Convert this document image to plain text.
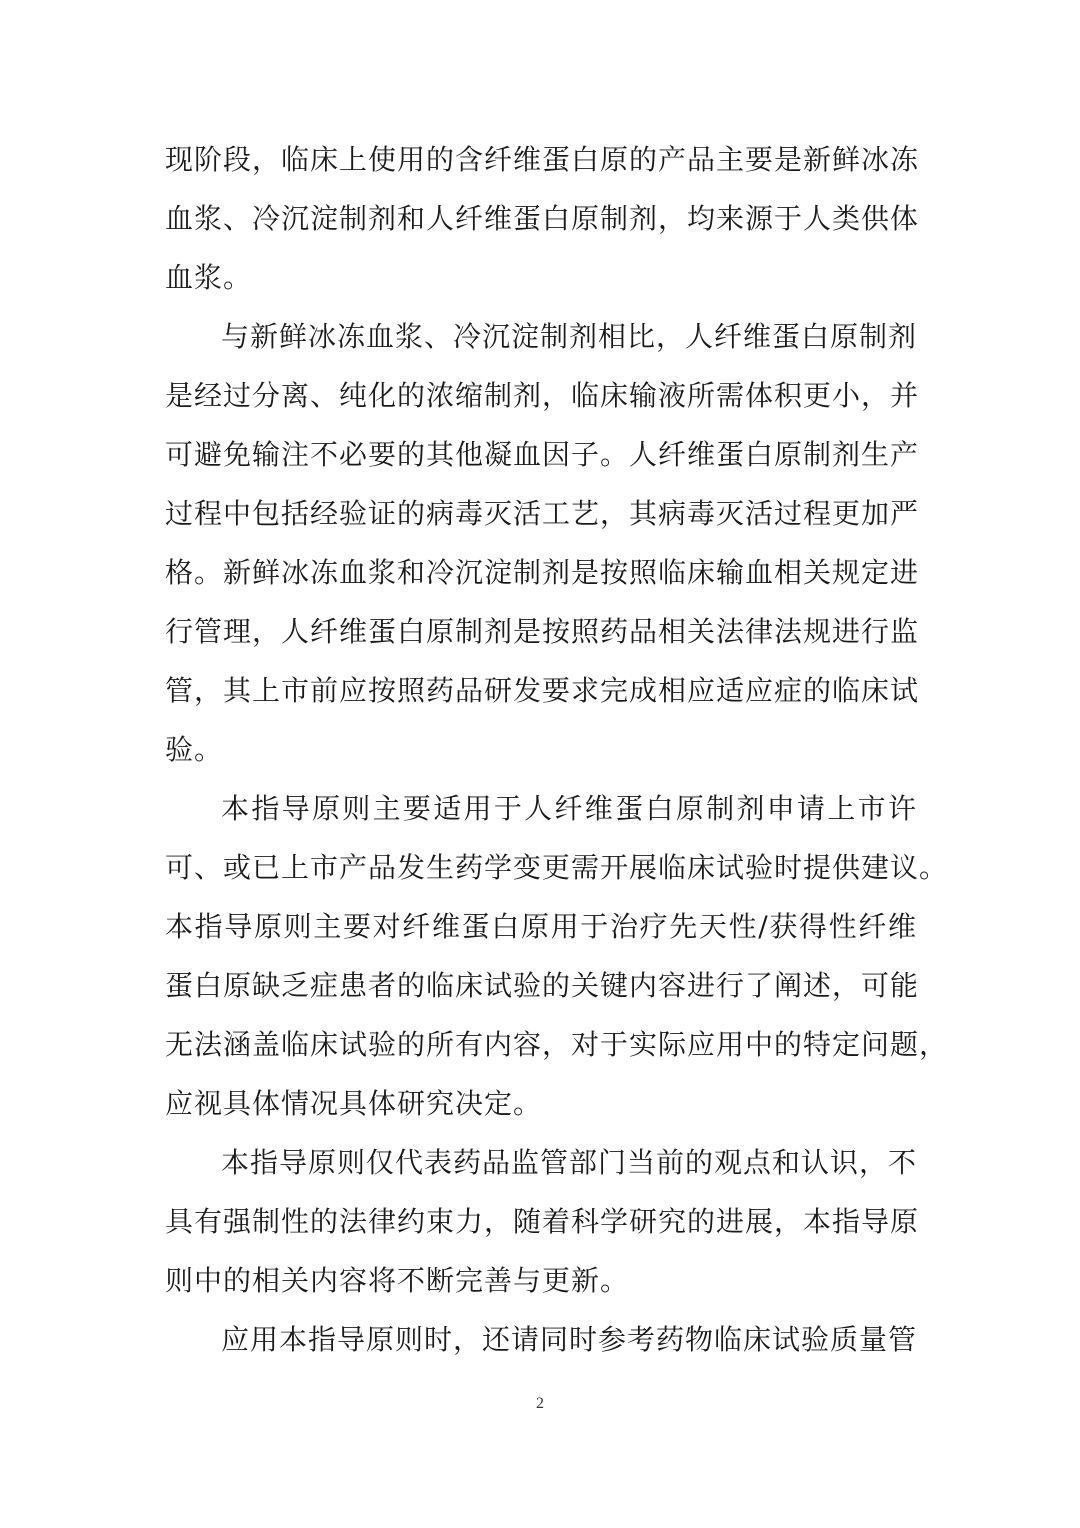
现阶段，临床上使用的含纤维蛋白原的产品主要是新鲜冰冻
血浆、冷沉淀制剂和人纤维蛋白原制剂，均来源于人类供体
血浆。
与新鲜冰冻血浆、冷沉淀制剂相比，人纤维蛋白原制剂
是经过分离、纯化的浓缩制剂，临床输液所需体积更小，并
可避免输注不必要的其他凝血因子。人纤维蛋白原制剂生产
过程中包括经验证的病毒灭活工艺，其病毒灭活过程更加严
格。新鲜冰冻血浆和冷沉淀制剂是按照临床输血相关规定进
行管理，人纤维蛋白原制剂是按照药品相关法律法规进行监
管，其上市前应按照药品研发要求完成相应适应症的临床试
验。
本指导原则主要适用于人纤维蛋白原制剂申请上市许
可、或已上市产品发生药学变更需开展临床试验时提供建议。
本指导原则主要对纤维蛋白原用于治疗先天性/获得性纤维
蛋白原缺乏症患者的临床试验的关键内容进行了阐述，可能
无法涵盖临床试验的所有内容，对于实际应用中的特定问题，
应视具体情况具体研究决定。
本指导原则仅代表药品监管部门当前的观点和认识，不
具有强制性的法律约束力，随着科学研究的进展，本指导原
则中的相关内容将不断完善与更新。
应用本指导原则时，还请同时参考药物临床试验质量管
2
